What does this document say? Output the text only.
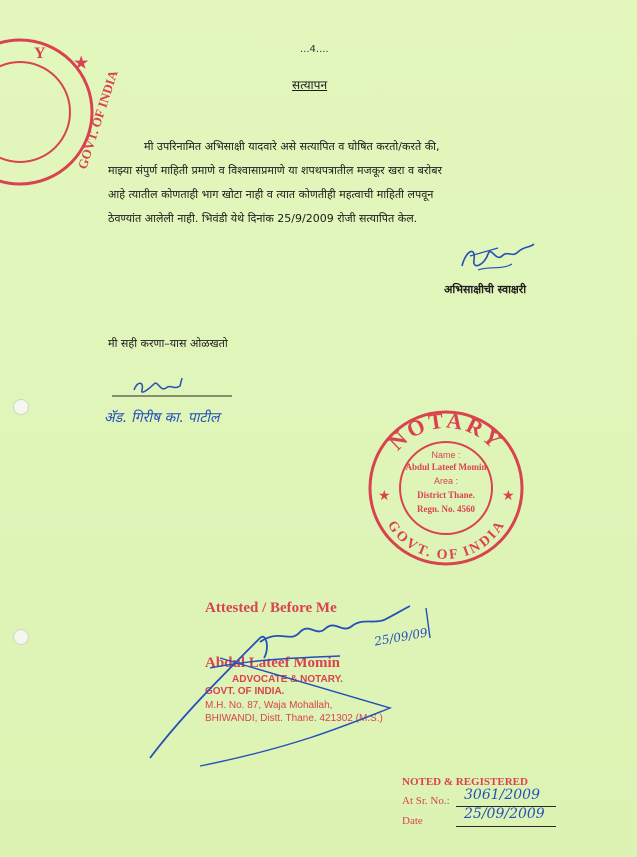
★
Y
GOVT. OF INDIA
...4....
सत्यापन

मी उपरिनामित अभिसाक्षी यादवारे असे सत्यापित व घोषित करतो/करते की,

माझ्या संपुर्ण माहिती प्रमाणे व विश्वासाप्रमाणे या शपथपत्रातील मजकूर खरा व बरोबर
आहे त्यातील कोणताही भाग खोटा नाही व त्यात कोणतीही महत्वाची माहिती लपवून
ठेवण्यांत आलेली नाही. भिवंडी येथे दिनांक 25/9/2009 रोजी सत्यापित केल.
अभिसाक्षीची स्वाक्षरी
मी सही करणा–यास ओळखतो
ॲड. गिरीष का. पाटील
NOTARY
GOVT. OF INDIA
★	★
Name :
Abdul Lateef Momin
Area :
District Thane.
Regn. No. 4560
Attested / Before Me
Abdul Lateef Momin
ADVOCATE & NOTARY.
GOVT. OF INDIA.
M.H. No. 87, Waja Mohallah,
BHIWANDI, Distt. Thane. 421302 (M.S.)
25/09/09
NOTED & REGISTERED
At Sr. No.: 3061/2009
Date	25/09/2009
